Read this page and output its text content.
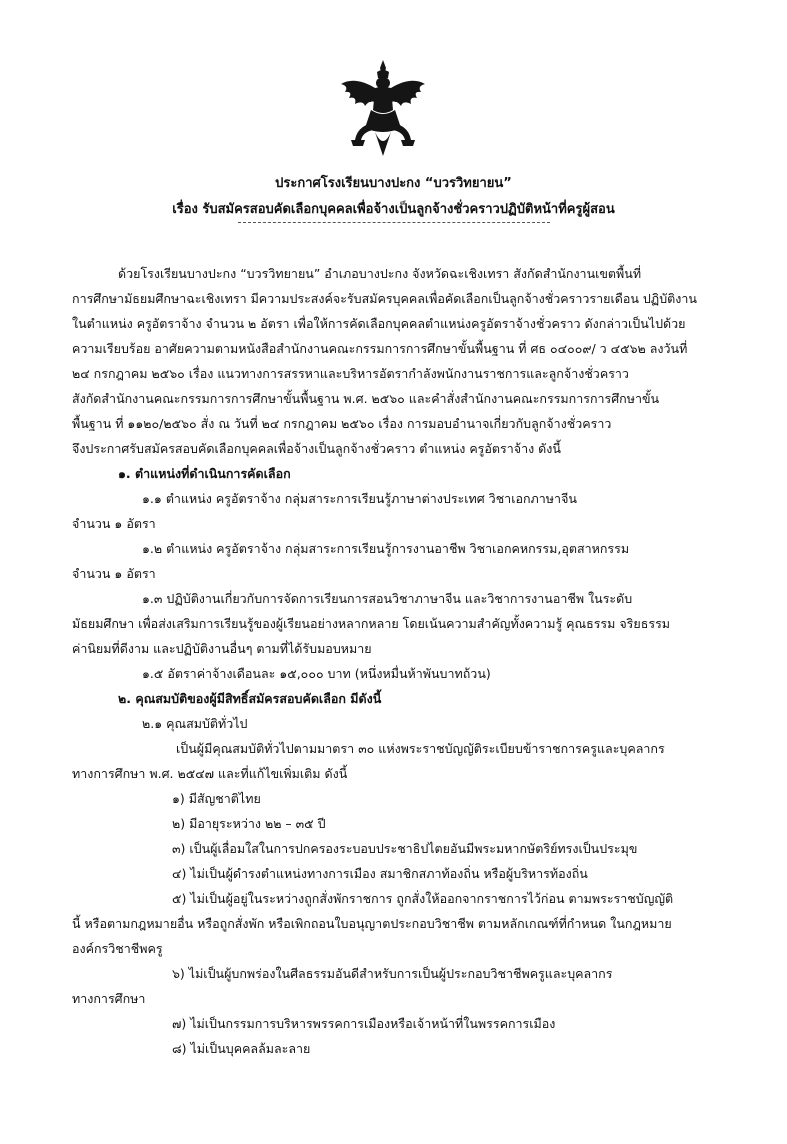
ประกาศโรงเรียนบางปะกง “บวรวิทยายน”
เรื่อง รับสมัครสอบคัดเลือกบุคคลเพื่อจ้างเป็นลูกจ้างชั่วคราวปฏิบัติหน้าที่ครูผู้สอน
ด้วยโรงเรียนบางปะกง “บวรวิทยายน” อำเภอบางปะกง จังหวัดฉะเชิงเทรา สังกัดสำนักงานเขตพื้นที่
การศึกษามัธยมศึกษาฉะเชิงเทรา มีความประสงค์จะรับสมัครบุคคลเพื่อคัดเลือกเป็นลูกจ้างชั่วคราวรายเดือน ปฏิบัติงาน
ในตำแหน่ง ครูอัตราจ้าง จำนวน ๒ อัตรา เพื่อให้การคัดเลือกบุคคลตำแหน่งครูอัตราจ้างชั่วคราว ดังกล่าวเป็นไปด้วย
ความเรียบร้อย อาศัยความตามหนังสือสำนักงานคณะกรรมการการศึกษาขั้นพื้นฐาน ที่ ศธ ๐๔๐๐๙/ ว ๔๕๖๒ ลงวันที่
๒๔ กรกฎาคม ๒๕๖๐ เรื่อง แนวทางการสรรหาและบริหารอัตรากำลังพนักงานราชการและลูกจ้างชั่วคราว
สังกัดสำนักงานคณะกรรมการการศึกษาขั้นพื้นฐาน พ.ศ. ๒๕๖๐ และคำสั่งสำนักงานคณะกรรมการการศึกษาขั้น
พื้นฐาน ที่ ๑๑๒๐/๒๕๖๐ สั่ง ณ วันที่ ๒๔ กรกฎาคม ๒๕๖๐ เรื่อง การมอบอำนาจเกี่ยวกับลูกจ้างชั่วคราว
จึงประกาศรับสมัครสอบคัดเลือกบุคคลเพื่อจ้างเป็นลูกจ้างชั่วคราว ตำแหน่ง ครูอัตราจ้าง ดังนี้
๑. ตำแหน่งที่ดำเนินการคัดเลือก
๑.๑ ตำแหน่ง ครูอัตราจ้าง กลุ่มสาระการเรียนรู้ภาษาต่างประเทศ วิชาเอกภาษาจีน
จำนวน ๑ อัตรา
๑.๒ ตำแหน่ง ครูอัตราจ้าง กลุ่มสาระการเรียนรู้การงานอาชีพ วิชาเอกคหกรรม,อุตสาหกรรม
จำนวน ๑ อัตรา
๑.๓ ปฏิบัติงานเกี่ยวกับการจัดการเรียนการสอนวิชาภาษาจีน และวิชาการงานอาชีพ ในระดับ
มัธยมศึกษา เพื่อส่งเสริมการเรียนรู้ของผู้เรียนอย่างหลากหลาย โดยเน้นความสำคัญทั้งความรู้ คุณธรรม จริยธรรม
ค่านิยมที่ดีงาม และปฏิบัติงานอื่นๆ ตามที่ได้รับมอบหมาย
๑.๕ อัตราค่าจ้างเดือนละ ๑๕,๐๐๐ บาท (หนึ่งหมื่นห้าพันบาทถ้วน)
๒. คุณสมบัติของผู้มีสิทธิ์สมัครสอบคัดเลือก มีดังนี้
๒.๑ คุณสมบัติทั่วไป
เป็นผู้มีคุณสมบัติทั่วไปตามมาตรา ๓๐ แห่งพระราชบัญญัติระเบียบข้าราชการครูและบุคลากร
ทางการศึกษา พ.ศ. ๒๕๔๗ และที่แก้ไขเพิ่มเติม ดังนี้
๑) มีสัญชาติไทย
๒) มีอายุระหว่าง ๒๒ – ๓๕ ปี
๓) เป็นผู้เลื่อมใสในการปกครองระบอบประชาธิปไตยอันมีพระมหากษัตริย์ทรงเป็นประมุข
๔) ไม่เป็นผู้ดำรงตำแหน่งทางการเมือง สมาชิกสภาท้องถิ่น หรือผู้บริหารท้องถิ่น
๕) ไม่เป็นผู้อยู่ในระหว่างถูกสั่งพักราชการ ถูกสั่งให้ออกจากราชการไว้ก่อน ตามพระราชบัญญัติ
นี้ หรือตามกฎหมายอื่น หรือถูกสั่งพัก หรือเพิกถอนใบอนุญาตประกอบวิชาชีพ ตามหลักเกณฑ์ที่กำหนด ในกฎหมาย
องค์กรวิชาชีพครู
๖) ไม่เป็นผู้บกพร่องในศีลธรรมอันดีสำหรับการเป็นผู้ประกอบวิชาชีพครูและบุคลากร
ทางการศึกษา
๗) ไม่เป็นกรรมการบริหารพรรคการเมืองหรือเจ้าหน้าที่ในพรรคการเมือง
๘) ไม่เป็นบุคคลล้มละลาย
